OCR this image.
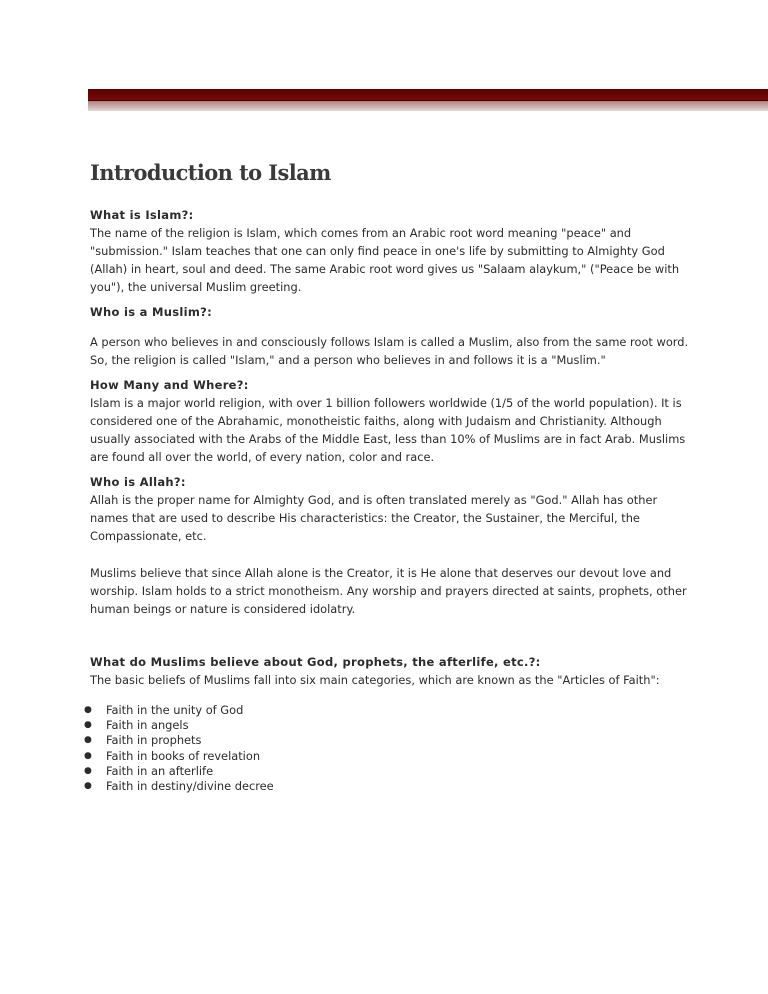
Introduction to Islam
What is Islam?:

The name of the religion is Islam, which comes from an Arabic root word meaning "peace" and "submission." Islam teaches that one can only find peace in one's life by submitting to Almighty God (Allah) in heart, soul and deed. The same Arabic root word gives us "Salaam alaykum," ("Peace be with you"), the universal Muslim greeting.

Who is a Muslim?:

A person who believes in and consciously follows Islam is called a Muslim, also from the same root word. So, the religion is called "Islam," and a person who believes in and follows it is a "Muslim."

How Many and Where?:

Islam is a major world religion, with over 1 billion followers worldwide (1/5 of the world population). It is considered one of the Abrahamic, monotheistic faiths, along with Judaism and Christianity. Although usually associated with the Arabs of the Middle East, less than 10% of Muslims are in fact Arab. Muslims are found all over the world, of every nation, color and race.

Who is Allah?:

Allah is the proper name for Almighty God, and is often translated merely as "God." Allah has other names that are used to describe His characteristics: the Creator, the Sustainer, the Merciful, the Compassionate, etc.

Muslims believe that since Allah alone is the Creator, it is He alone that deserves our devout love and worship. Islam holds to a strict monotheism. Any worship and prayers directed at saints, prophets, other human beings or nature is considered idolatry.

What do Muslims believe about God, prophets, the afterlife, etc.?:

The basic beliefs of Muslims fall into six main categories, which are known as the "Articles of Faith":

● Faith in the unity of God
● Faith in angels
● Faith in prophets
● Faith in books of revelation
● Faith in an afterlife
● Faith in destiny/divine decree
